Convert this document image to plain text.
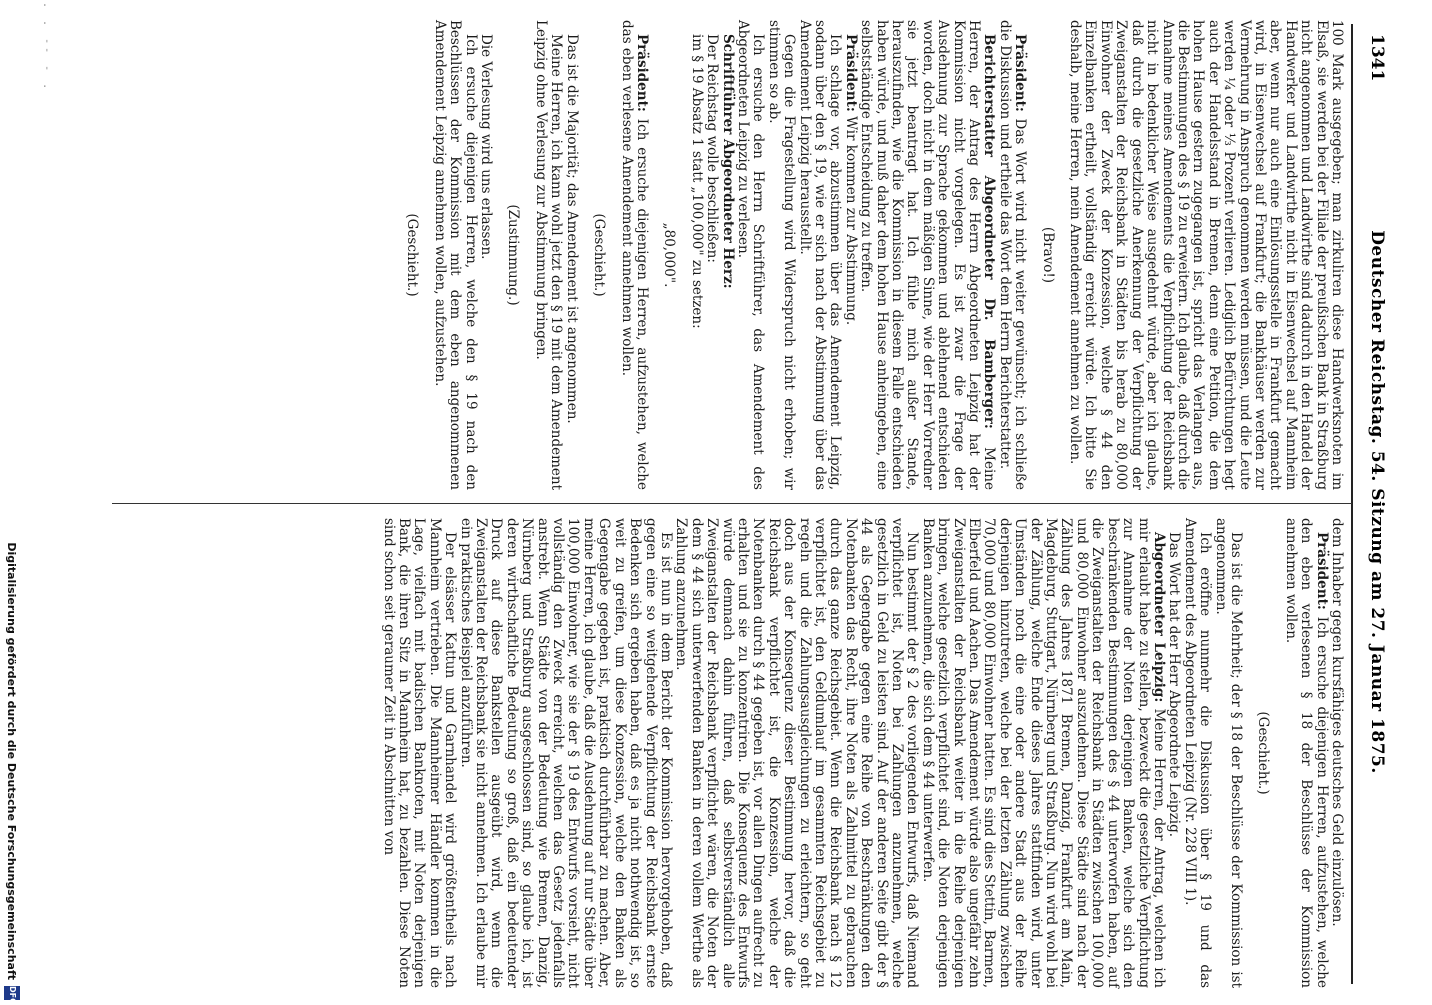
1341
Deutscher Reichstag. 54. Sitzung am 27. Januar 1875.
100 Mark ausgegeben; man zirkuliren diese Handwerksnoten im Elsaß, sie werden bei der Filiale der preußischen Bank in Straßburg nicht angenommen und Landwirthe sind dadurch in den Handel der Handwerker und Landwirthe nicht in Eisenwechsel auf Mannheim aber, wenn nur auch eine Einlösungsstelle in Frankfurt gemacht wird, in Eisenwechsel auf Frankfurt; die Bankhäuser werden zur Vermehrung in Anspruch genommen werden müssen, und die Leute werden ¼ oder ⅓ Prozent verlieren. Lediglich Befürchtungen hegt auch der Handelsstand in Bremen, denn eine Petition, die dem hohen Hause gestern zugegangen ist, spricht das Verlangen aus, die Bestimmungen des § 19 zu erweitern. Ich glaube, daß durch die Annahme meines Amendements die Verpflichtung der Reichsbank nicht in bedenklicher Weise ausgedehnt würde, aber ich glaube, daß durch die gesetzliche Anerkennung der Verpflichtung der Zweiganstalten der Reichsbank in Städten bis herab zu 80,000 Einwohner der Zweck der Konzession, welche § 44 den Einzelbanken ertheilt, vollständig erreicht würde. Ich bitte Sie deshalb, meine Herren, mein Amendement annehmen zu wollen.
(Bravo!)
Präsident: Das Wort wird nicht weiter gewünscht; ich schließe die Diskussion und ertheile das Wort dem Herrn Berichterstatter.
Berichterstatter Abgeordneter Dr. Bamberger: Meine Herren, der Antrag des Herrn Abgeordneten Leipzig hat der Kommission nicht vorgelegen. Es ist zwar die Frage der Ausdehnung zur Sprache gekommen und ablehnend entschieden worden, doch nicht in dem mäßigen Sinne, wie der Herr Vorredner sie jetzt beantragt hat. Ich fühle mich außer Stande, herauszufinden, wie die Kommission in diesem Falle entschieden haben würde, und muß daher dem hohen Hause anheimgeben, eine selbstständige Entscheidung zu treffen.
Präsident: Wir kommen zur Abstimmung.
Ich schlage vor, abzustimmen über das Amendement Leipzig, sodann über den § 19, wie er sich nach der Abstimmung über das Amendement Leipzig herausstellt.
Gegen die Fragestellung wird Widerspruch nicht erhoben; wir stimmen so ab.
Ich ersuche den Herrn Schriftführer, das Amendement des Abgeordneten Leipzig zu verlesen.
Schriftführer Abgeordneter Herz:
Der Reichstag wolle beschließen:
im § 19 Absatz 1 statt „100,000" zu setzen:
„80,000".
Präsident: Ich ersuche diejenigen Herren, aufzustehen, welche das eben verlesene Amendement annehmen wollen.
(Geschieht.)
Das ist die Majorität; das Amendement ist angenommen.
Meine Herren, ich kann wohl jetzt den § 19 mit dem Amendement Leipzig ohne Verlesung zur Abstimmung bringen.
(Zustimmung.)
Die Verlesung wird uns erlassen.
Ich ersuche diejenigen Herren, welche den § 19 nach den Beschlüssen der Kommission mit dem eben angenommenen Amendement Leipzig annehmen wollen, aufzustehen.
(Geschieht.)
dem Inhaber gegen kursfähiges deutsches Geld einzulösen.
Präsident: Ich ersuche diejenigen Herren, aufzustehen, welche den eben verlesenen § 18 der Beschlüsse der Kommission annehmen wollen.
(Geschieht.)
Das ist die Mehrheit; der § 18 der Beschlüsse der Kommission ist angenommen.
Ich eröffne nunmehr die Diskussion über § 19 und das Amendement des Abgeordneten Leipzig (Nr. 228 VIII 1).
Das Wort hat der Herr Abgeordnete Leipzig.
Abgeordneter Leipzig: Meine Herren, der Antrag, welchen ich mir erlaubt habe zu stellen, bezweckt die gesetzliche Verpflichtung zur Annahme der Noten derjenigen Banken, welche sich den beschränkenden Bestimmungen des § 44 unterworfen haben, auf die Zweiganstalten der Reichsbank in Städten zwischen 100,000 und 80,000 Einwohner auszudehnen. Diese Städte sind nach der Zählung des Jahres 1871 Bremen, Danzig, Frankfurt am Main, Magdeburg, Stuttgart, Nürnberg und Straßburg. Nun wird wohl bei der Zählung, welche Ende dieses Jahres stattfinden wird, unter Umständen noch die eine oder andere Stadt aus der Reihe derjenigen hinzutreten, welche bei der letzten Zählung zwischen 70,000 und 80,000 Einwohner hatten. Es sind dies Stettin, Barmen, Elberfeld und Aachen. Das Amendement würde also ungefähr zehn Zweiganstalten der Reichsbank weiter in die Reihe derjenigen bringen, welche gesetzlich verpflichtet sind, die Noten derjenigen Banken anzunehmen, die sich dem § 44 unterwerfen.
Nun bestimmt der § 2 des vorliegenden Entwurfs, daß Niemand verpflichtet ist, Noten bei Zahlungen anzunehmen, welche gesetzlich in Geld zu leisten sind. Auf der anderen Seite gibt der § 44 als Gegengabe gegen eine Reihe von Beschränkungen den Notenbanken das Recht, ihre Noten als Zahlmittel zu gebrauchen durch das ganze Reichsgebiet. Wenn die Reichsbank nach § 12 verpflichtet ist, den Geldumlauf im gesammten Reichsgebiet zu regeln und die Zahlungsausgleichungen zu erleichtern, so geht doch aus der Konsequenz dieser Bestimmung hervor, daß die Reichsbank verpflichtet ist, die Konzession, welche der Notenbanken durch § 44 gegeben ist, vor allen Dingen aufrecht zu erhalten und sie zu konzentriren. Die Konsequenz des Entwurfs würde demnach dahin führen, daß selbstverständlich alle Zweiganstalten der Reichsbank verpflichtet wären, die Noten der dem § 44 sich unterwerfenden Banken in deren vollem Werthe als Zahlung anzunehmen.
Es ist nun in dem Bericht der Kommission hervorgehoben, daß gegen eine so weitgehende Verpflichtung der Reichsbank ernste Bedenken sich ergeben haben, daß es ja nicht nothwendig ist, so weit zu greifen, um diese Konzession, welche den Banken als Gegengabe gegeben ist, praktisch durchführbar zu machen. Aber, meine Herren, ich glaube, daß die Ausdehnung auf nur Städte über 100,000 Einwohner, wie sie der § 19 des Entwurfs vorsieht, nicht vollständig den Zweck erreicht, welchen das Gesetz jedenfalls anstrebt. Wenn Städte von der Bedeutung wie Bremen, Danzig, Nürnberg und Straßburg ausgeschlossen sind, so glaube ich, ist deren wirthschaftliche Bedeutung so groß, daß ein bedeutender Druck auf diese Bankstellen ausgeübt wird, wenn die Zweiganstalten der Reichsbank sie nicht annehmen. Ich erlaube mir ein praktisches Beispiel anzuführen.
Der elsässer Kattun und Garnhandel wird größtentheils nach Mannheim vertrieben. Die Mannheimer Händler kommen in die Lage, vielfach mit badischen Banknoten, mit Noten derjenigen Bank, die ihren Sitz in Mannheim hat, zu bezahlen. Diese Noten sind schon seit geraumer Zeit in Abschnitten von
. . -- - .
Digitalisierung gefördert durch die Deutsche Forschungsgemeinschaft
DFG
